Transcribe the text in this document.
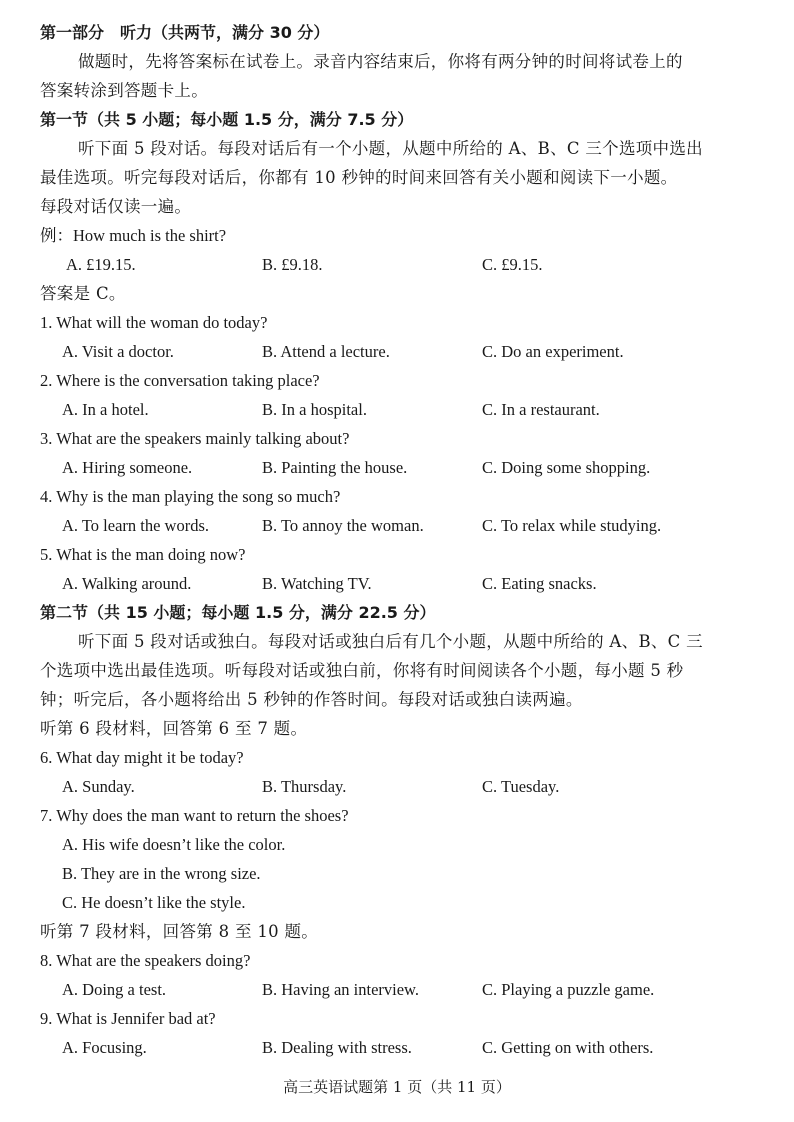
第一部分　听力（共两节，满分 30 分）
做题时，先将答案标在试卷上。录音内容结束后，你将有两分钟的时间将试卷上的
答案转涂到答题卡上。
第一节（共 5 小题；每小题 1.5 分，满分 7.5 分）
听下面 5 段对话。每段对话后有一个小题，从题中所给的 A、B、C 三个选项中选出
最佳选项。听完每段对话后，你都有 10 秒钟的时间来回答有关小题和阅读下一小题。
每段对话仅读一遍。
例：How much is the shirt?
A. £19.15.	B. £9.18.	C. £9.15.
答案是 C。
1. What will the woman do today?
A. Visit a doctor.	B. Attend a lecture.	C. Do an experiment.
2. Where is the conversation taking place?
A. In a hotel.	B. In a hospital.	C. In a restaurant.
3. What are the speakers mainly talking about?
A. Hiring someone.	B. Painting the house.	C. Doing some shopping.
4. Why is the man playing the song so much?
A. To learn the words.	B. To annoy the woman.	C. To relax while studying.
5. What is the man doing now?
A. Walking around.	B. Watching TV.	C. Eating snacks.
第二节（共 15 小题；每小题 1.5 分，满分 22.5 分）
听下面 5 段对话或独白。每段对话或独白后有几个小题，从题中所给的 A、B、C 三
个选项中选出最佳选项。听每段对话或独白前，你将有时间阅读各个小题，每小题 5 秒
钟；听完后，各小题将给出 5 秒钟的作答时间。每段对话或独白读两遍。
听第 6 段材料，回答第 6 至 7 题。
6. What day might it be today?
A. Sunday.	B. Thursday.	C. Tuesday.
7. Why does the man want to return the shoes?
A. His wife doesn’t like the color.
B. They are in the wrong size.
C. He doesn’t like the style.
听第 7 段材料，回答第 8 至 10 题。
8. What are the speakers doing?
A. Doing a test.	B. Having an interview.	C. Playing a puzzle game.
9. What is Jennifer bad at?
A. Focusing.	B. Dealing with stress.	C. Getting on with others.
高三英语试题第 1 页（共 11 页）
